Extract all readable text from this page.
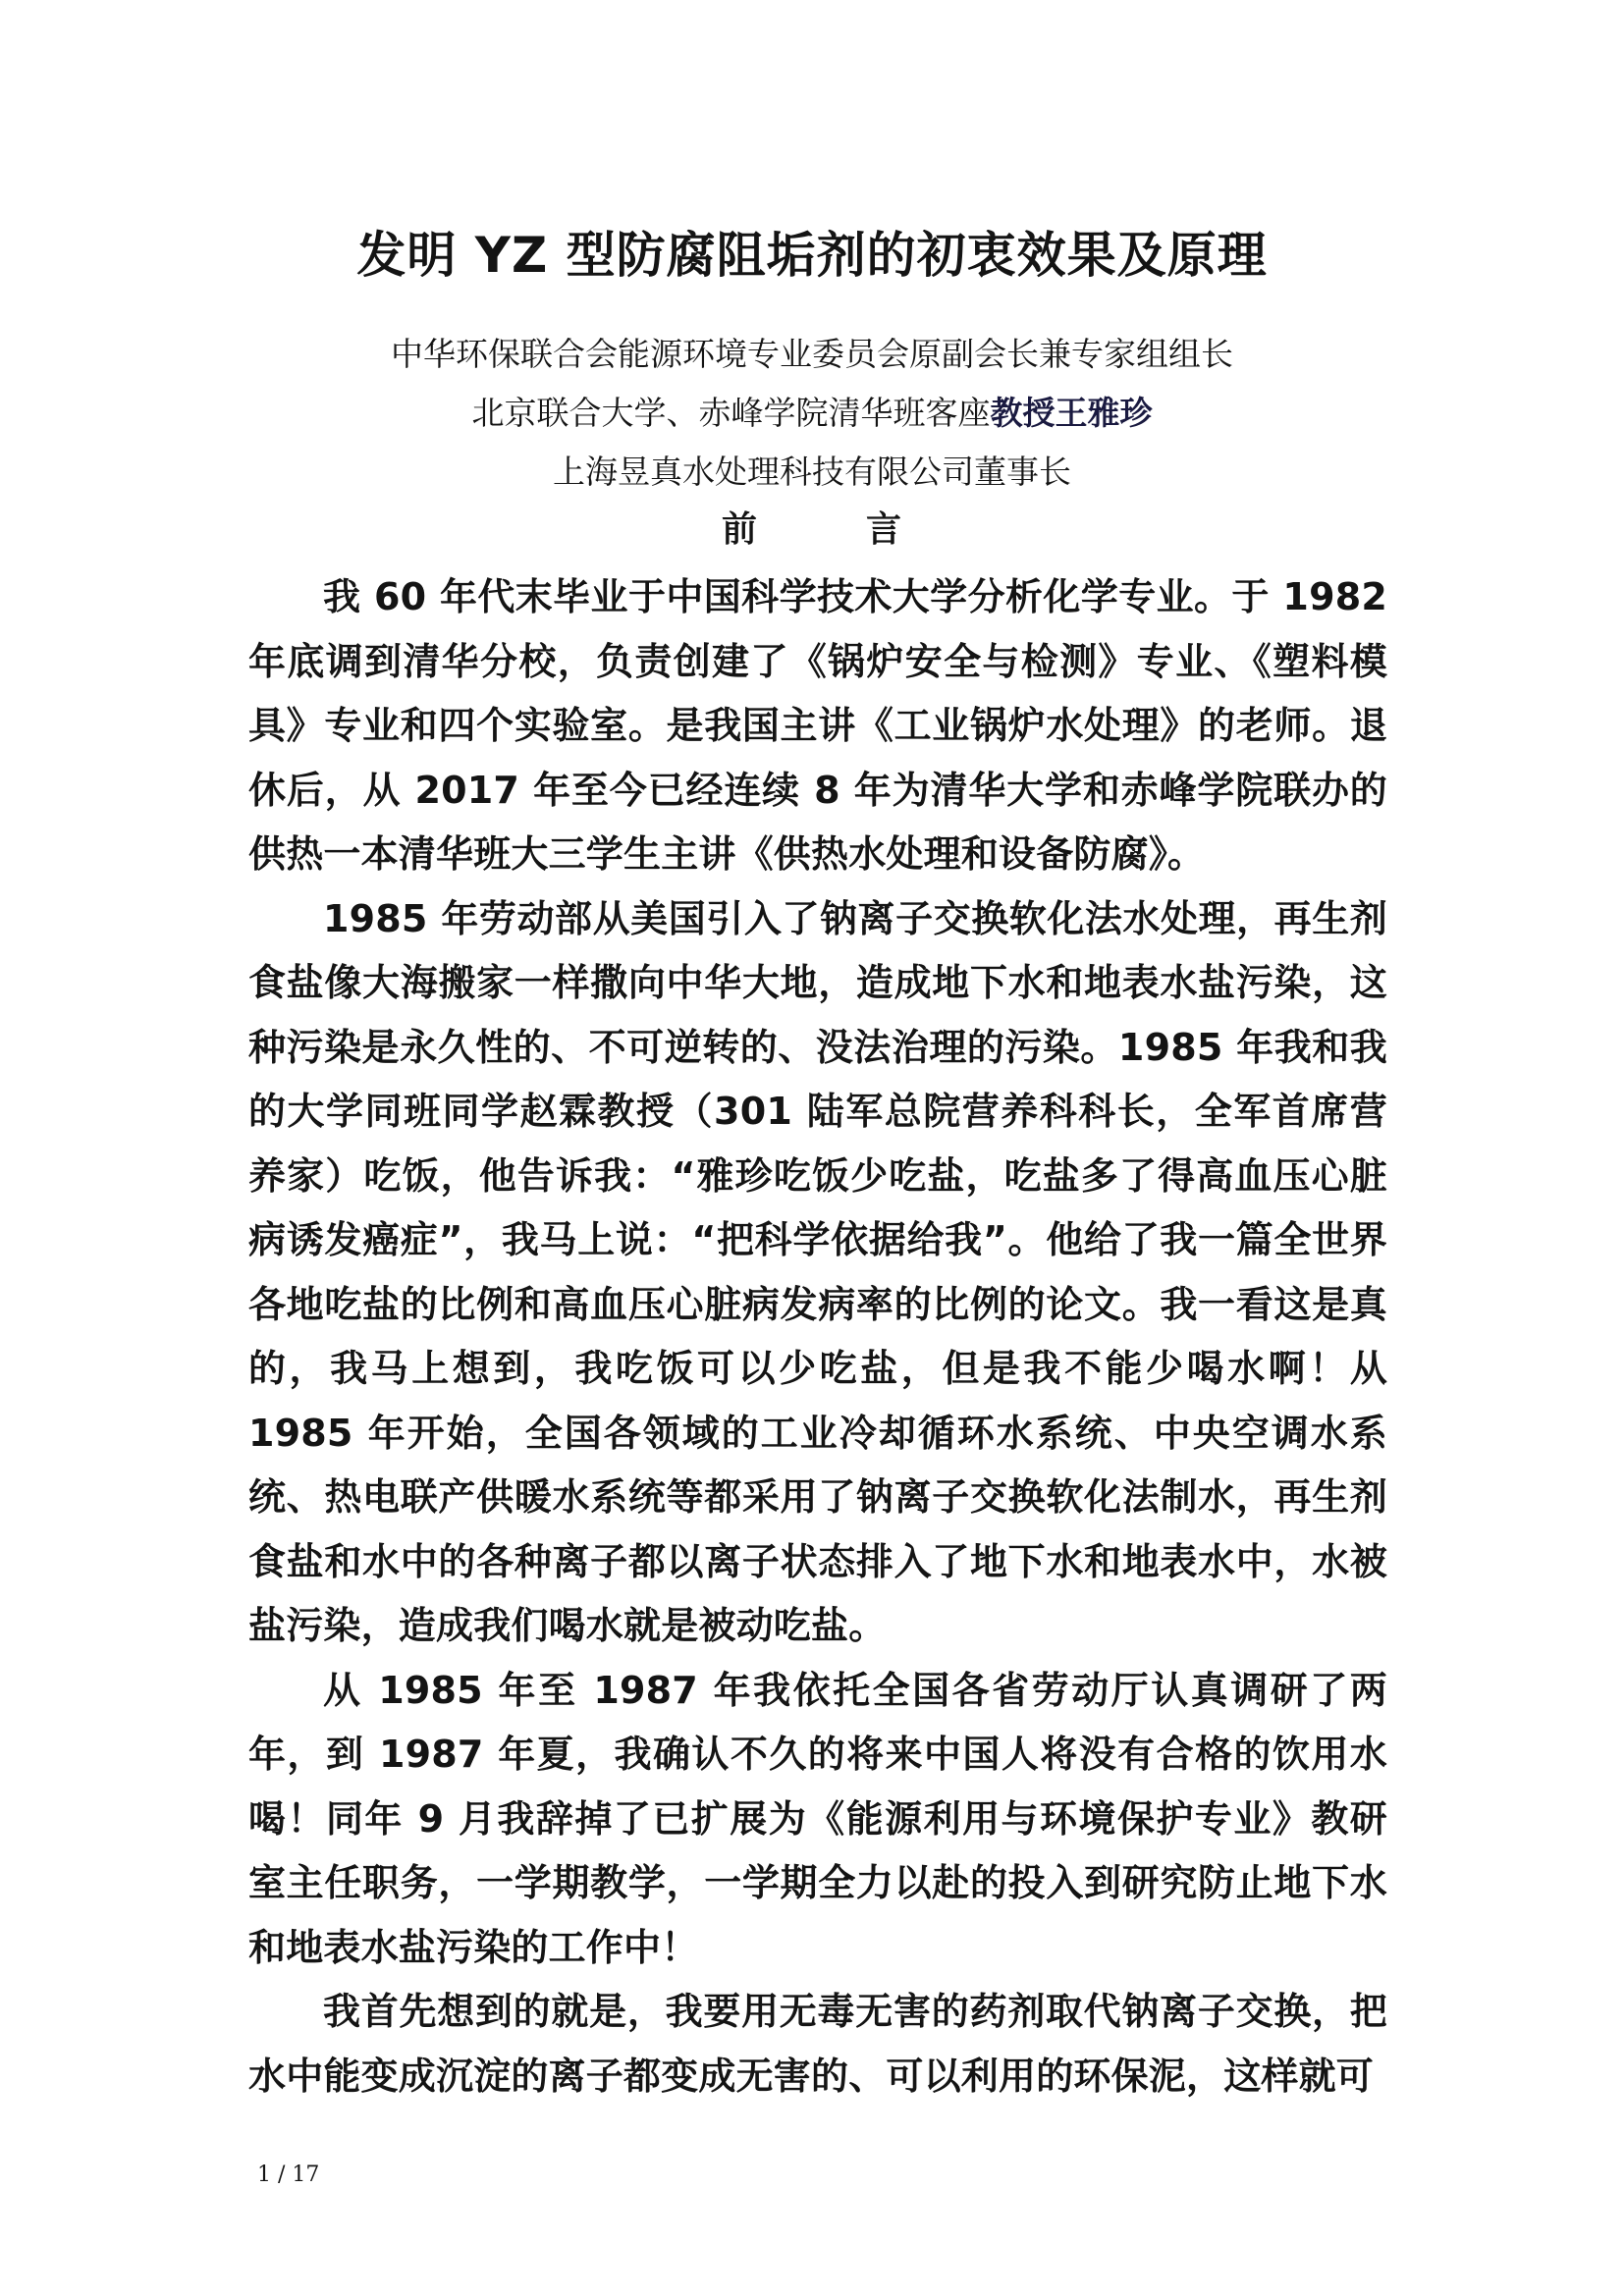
发明 YZ 型防腐阻垢剂的初衷效果及原理
中华环保联合会能源环境专业委员会原副会长兼专家组组长
北京联合大学、赤峰学院清华班客座教授王雅珍
上海昱真水处理科技有限公司董事长
前	言

我 60 年代末毕业于中国科学技术大学分析化学专业。于 1982 年底调到清华分校，负责创建了《锅炉安全与检测》专业、《塑料模具》专业和四个实验室。是我国主讲《工业锅炉水处理》的老师。退休后，从 2017 年至今已经连续 8 年为清华大学和赤峰学院联办的供热一本清华班大三学生主讲《供热水处理和设备防腐》。

1985 年劳动部从美国引入了钠离子交换软化法水处理，再生剂食盐像大海搬家一样撒向中华大地，造成地下水和地表水盐污染，这种污染是永久性的、不可逆转的、没法治理的污染。1985 年我和我的大学同班同学赵霖教授（301 陆军总院营养科科长，全军首席营养家）吃饭，他告诉我：“雅珍吃饭少吃盐，吃盐多了得高血压心脏病诱发癌症”，我马上说：“把科学依据给我”。他给了我一篇全世界各地吃盐的比例和高血压心脏病发病率的比例的论文。我一看这是真的，我马上想到，我吃饭可以少吃盐，但是我不能少喝水啊！从 1985 年开始，全国各领域的工业冷却循环水系统、中央空调水系统、热电联产供暖水系统等都采用了钠离子交换软化法制水，再生剂食盐和水中的各种离子都以离子状态排入了地下水和地表水中，水被盐污染，造成我们喝水就是被动吃盐。

从 1985 年至 1987 年我依托全国各省劳动厅认真调研了两年，到 1987 年夏，我确认不久的将来中国人将没有合格的饮用水喝！同年 9 月我辞掉了已扩展为《能源利用与环境保护专业》教研室主任职务，一学期教学，一学期全力以赴的投入到研究防止地下水和地表水盐污染的工作中！

我首先想到的就是，我要用无毒无害的药剂取代钠离子交换，把水中能变成沉淀的离子都变成无害的、可以利用的环保泥，这样就可

1 / 17
